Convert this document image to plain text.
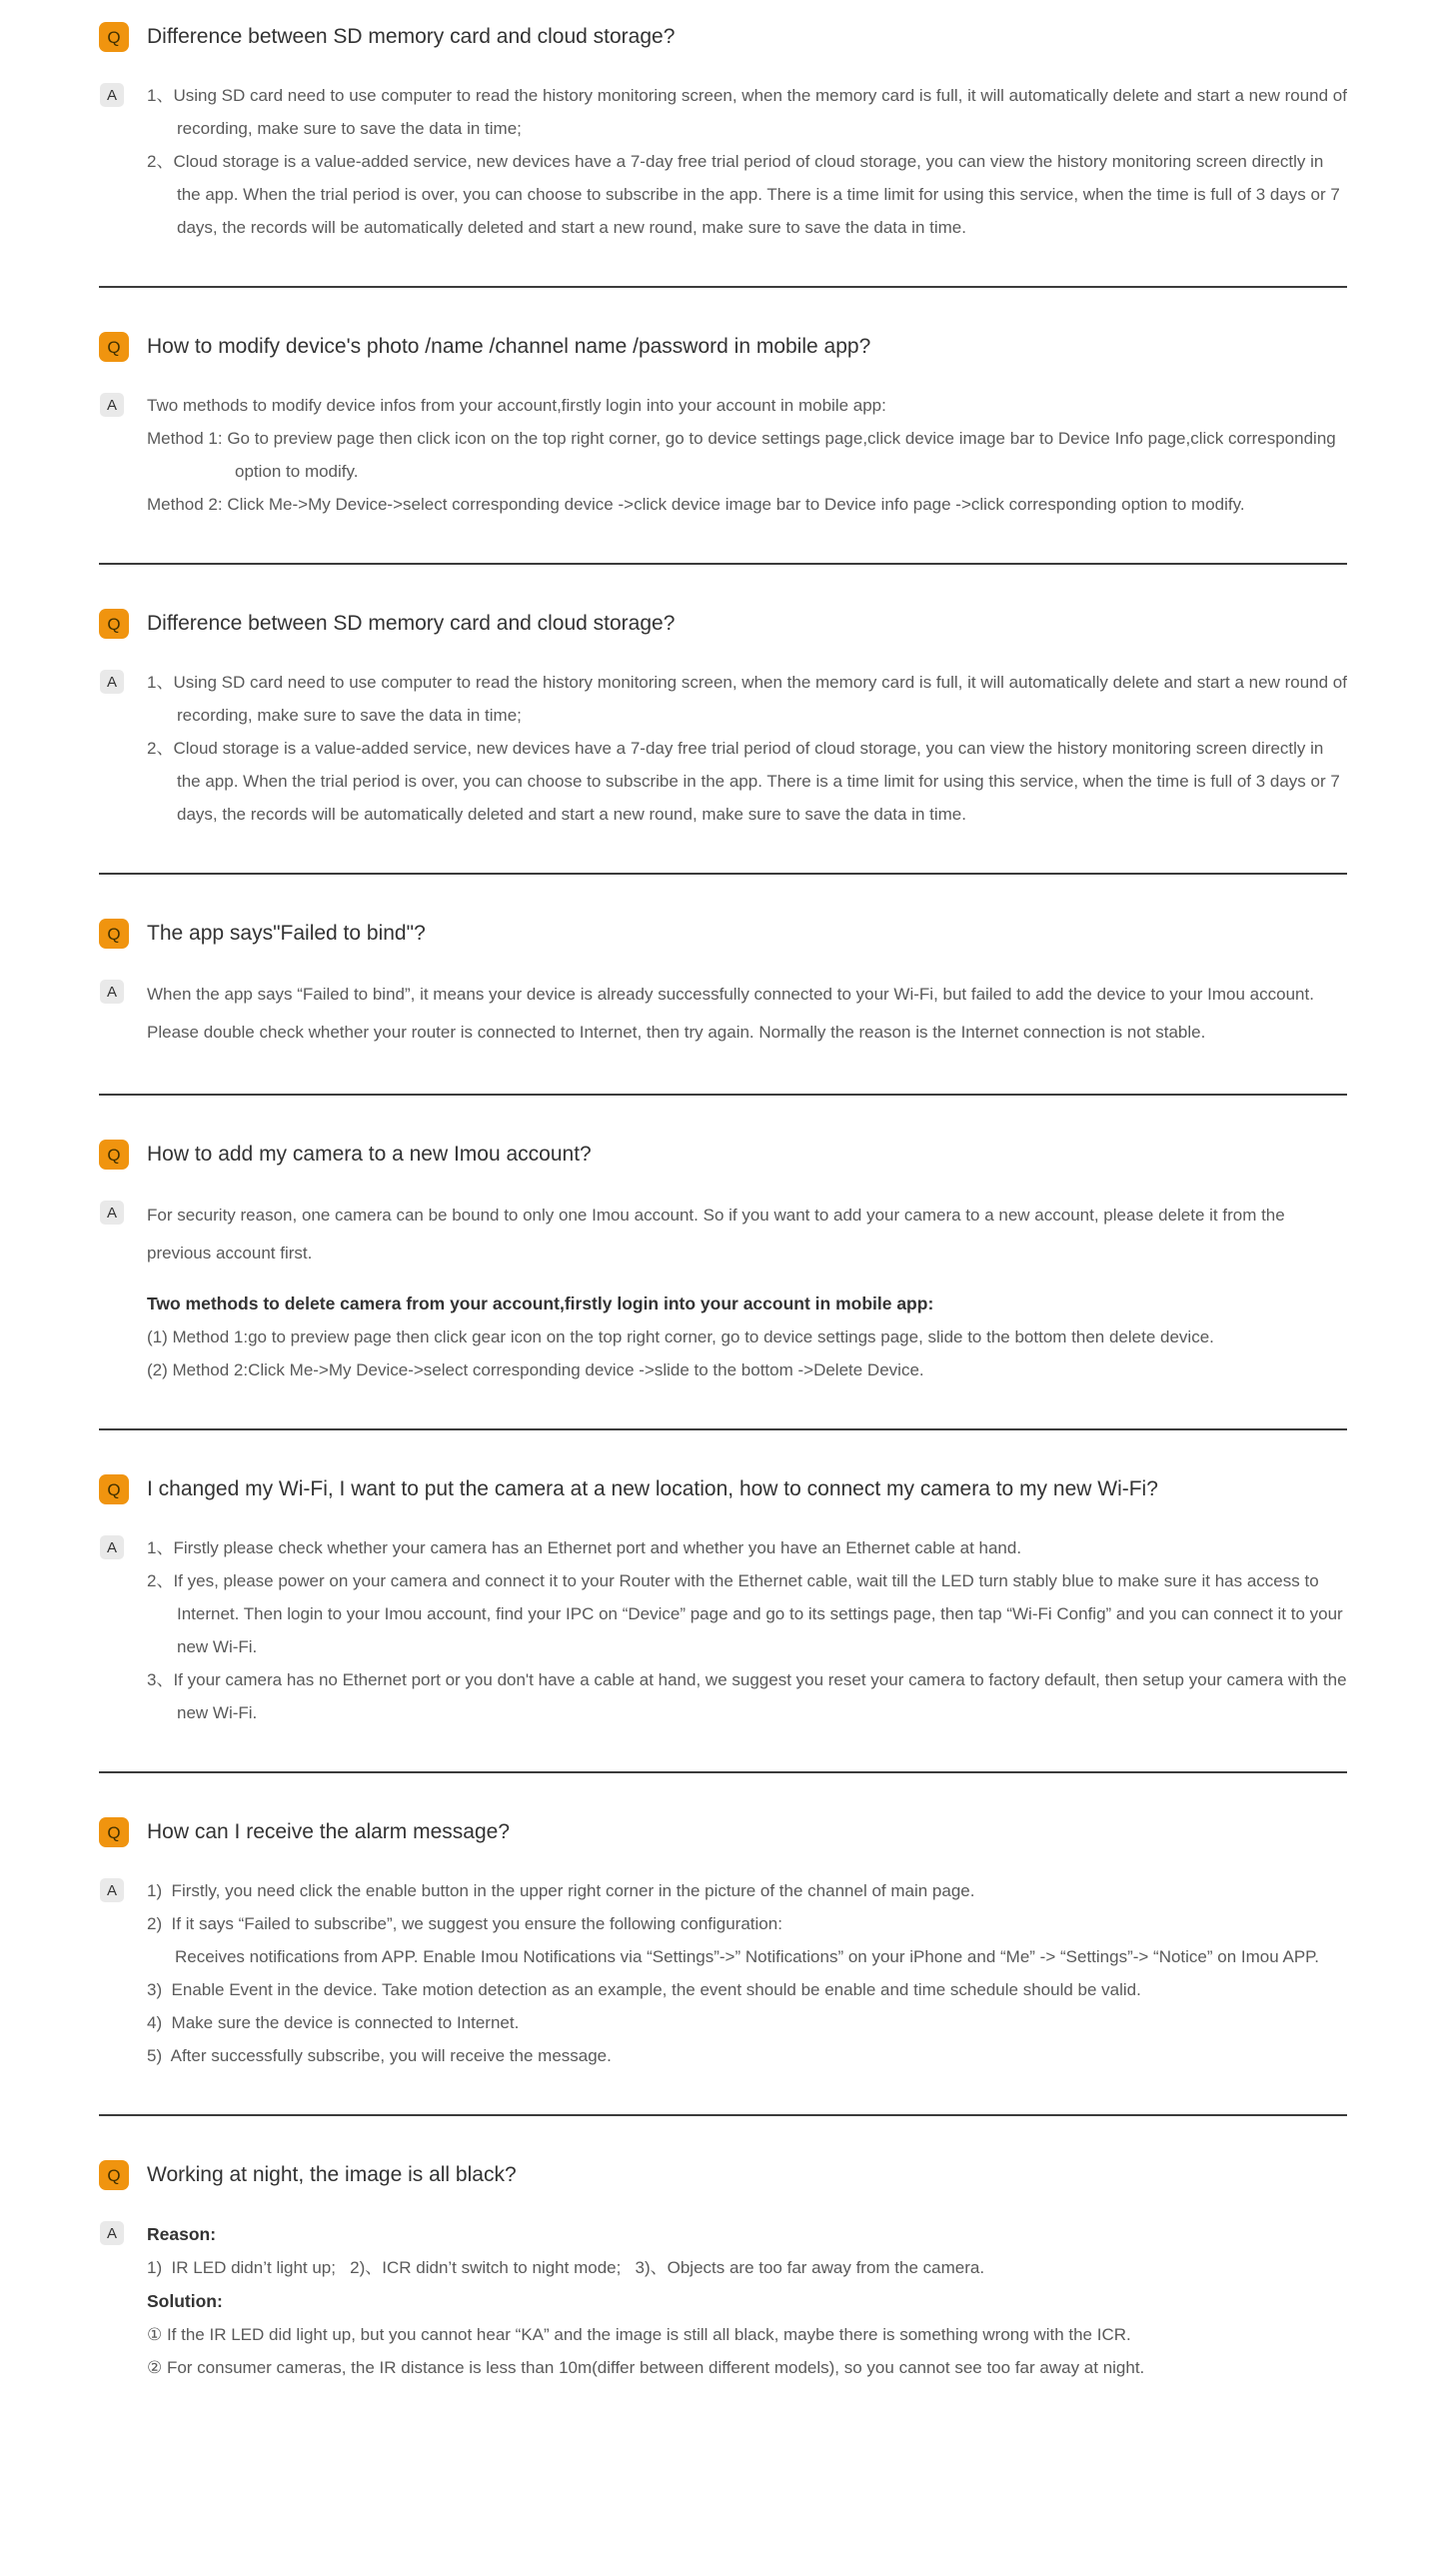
Q	Difference between SD memory card and cloud storage?
A	1、Using SD card need to use computer to read the history monitoring screen, when the memory card is full, it will automatically delete and start a new round of recording, make sure to save the data in time;
2、Cloud storage is a value-added service, new devices have a 7-day free trial period of cloud storage, you can view the history monitoring screen directly in the app. When the trial period is over, you can choose to subscribe in the app. There is a time limit for using this service, when the time is full of 3 days or 7 days, the records will be automatically deleted and start a new round, make sure to save the data in time.
Q	How to modify device's photo /name /channel name /password in mobile app?
A	Two methods to modify device infos from your account,firstly login into your account in mobile app:
Method 1: Go to preview page then click icon on the top right corner, go to device settings page,click device image bar to Device Info page,click corresponding option to modify.
Method 2: Click Me->My Device->select corresponding device ->click device image bar to Device info page ->click corresponding option to modify.
Q	Difference between SD memory card and cloud storage?
A	1、Using SD card need to use computer to read the history monitoring screen, when the memory card is full, it will automatically delete and start a new round of recording, make sure to save the data in time;
2、Cloud storage is a value-added service, new devices have a 7-day free trial period of cloud storage, you can view the history monitoring screen directly in the app. When the trial period is over, you can choose to subscribe in the app. There is a time limit for using this service, when the time is full of 3 days or 7 days, the records will be automatically deleted and start a new round, make sure to save the data in time.
Q	The app says"Failed to bind"?
A	When the app says “Failed to bind”, it means your device is already successfully connected to your Wi-Fi, but failed to add the device to your Imou account. Please double check whether your router is connected to Internet, then try again. Normally the reason is the Internet connection is not stable.
Q	How to add my camera to a new Imou account?
A	For security reason, one camera can be bound to only one Imou account. So if you want to add your camera to a new account, please delete it from the previous account first.
Two methods to delete camera from your account,firstly login into your account in mobile app:
(1) Method 1:go to preview page then click gear icon on the top right corner, go to device settings page, slide to the bottom then delete device.
(2) Method 2:Click Me->My Device->select corresponding device ->slide to the bottom ->Delete Device.
Q	I changed my Wi-Fi, I want to put the camera at a new location, how to connect my camera to my new Wi-Fi?
A	1、Firstly please check whether your camera has an Ethernet port and whether you have an Ethernet cable at hand.
2、If yes, please power on your camera and connect it to your Router with the Ethernet cable, wait till the LED turn stably blue to make sure it has access to Internet. Then login to your Imou account, find your IPC on “Device” page and go to its settings page, then tap “Wi-Fi Config” and you can connect it to your new Wi-Fi.
3、If your camera has no Ethernet port or you don't have a cable at hand, we suggest you reset your camera to factory default, then setup your camera with the new Wi-Fi.
Q	How can I receive the alarm message?
A	1)  Firstly, you need click the enable button in the upper right corner in the picture of the channel of main page.
2)  If it says “Failed to subscribe”, we suggest you ensure the following configuration:
Receives notifications from APP. Enable Imou Notifications via “Settings”->” Notifications” on your iPhone and “Me” -> “Settings”-> “Notice” on Imou APP.
3)  Enable Event in the device. Take motion detection as an example, the event should be enable and time schedule should be valid.
4)  Make sure the device is connected to Internet.
5)  After successfully subscribe, you will receive the message.
Q	Working at night, the image is all black?
A	Reason:
1)  IR LED didn’t light up;   2)、ICR didn’t switch to night mode;   3)、Objects are too far away from the camera.
Solution:
① If the IR LED did light up, but you cannot hear “KA” and the image is still all black, maybe there is something wrong with the ICR.
② For consumer cameras, the IR distance is less than 10m(differ between different models), so you cannot see too far away at night.
